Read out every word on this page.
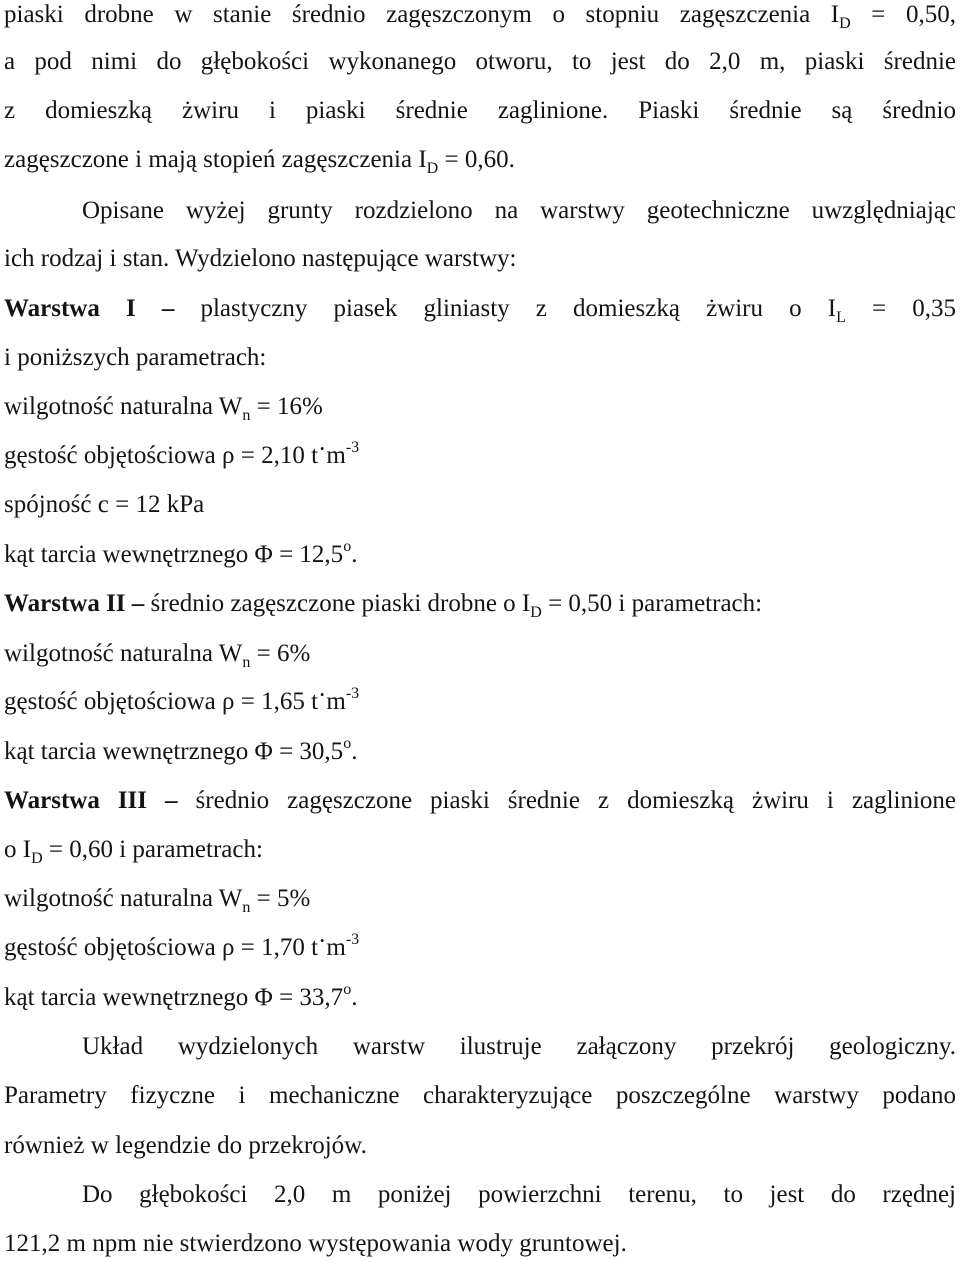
piaski drobne w stanie średnio zagęszczonym o stopniu zagęszczenia $I_D = 0,50$,
a pod nimi do głębokości wykonanego otworu, to jest do 2,0 m, piaski średnie
z domieszką żwiru i piaski średnie zaglinione. Piaski średnie są średnio
zagęszczone i mają stopień zagęszczenia $I_D = 0,60$.
Opisane wyżej grunty rozdzielono na warstwy geotechniczne uwzględniając
ich rodzaj i stan. Wydzielono następujące warstwy:
Warstwa I – plastyczny piasek gliniasty z domieszką żwiru o $I_L = 0,35$
i poniższych parametrach:
wilgotność naturalna $W_n = 16\%$
gęstość objętościowa ρ = 2,10 $t\cdot m^{-3}$
spójność c = 12 kPa
kąt tarcia wewnętrznego $\Phi = 12,5^o$.
Warstwa II – średnio zagęszczone piaski drobne o $I_D = 0,50$ i parametrach:
wilgotność naturalna $W_n = 6\%$
gęstość objętościowa ρ = 1,65 $t\cdot m^{-3}$
kąt tarcia wewnętrznego $\Phi = 30,5^o$.
Warstwa III – średnio zagęszczone piaski średnie z domieszką żwiru i zaglinione
o $I_D = 0,60$ i parametrach:
wilgotność naturalna $W_n = 5\%$
gęstość objętościowa ρ = 1,70 $t\cdot m^{-3}$
kąt tarcia wewnętrznego $\Phi = 33,7^o$.
Układ wydzielonych warstw ilustruje załączony przekrój geologiczny.
Parametry fizyczne i mechaniczne charakteryzujące poszczególne warstwy podano
również w legendzie do przekrojów.
Do głębokości 2,0 m poniżej powierzchni terenu, to jest do rzędnej
121,2 m npm nie stwierdzono występowania wody gruntowej.
